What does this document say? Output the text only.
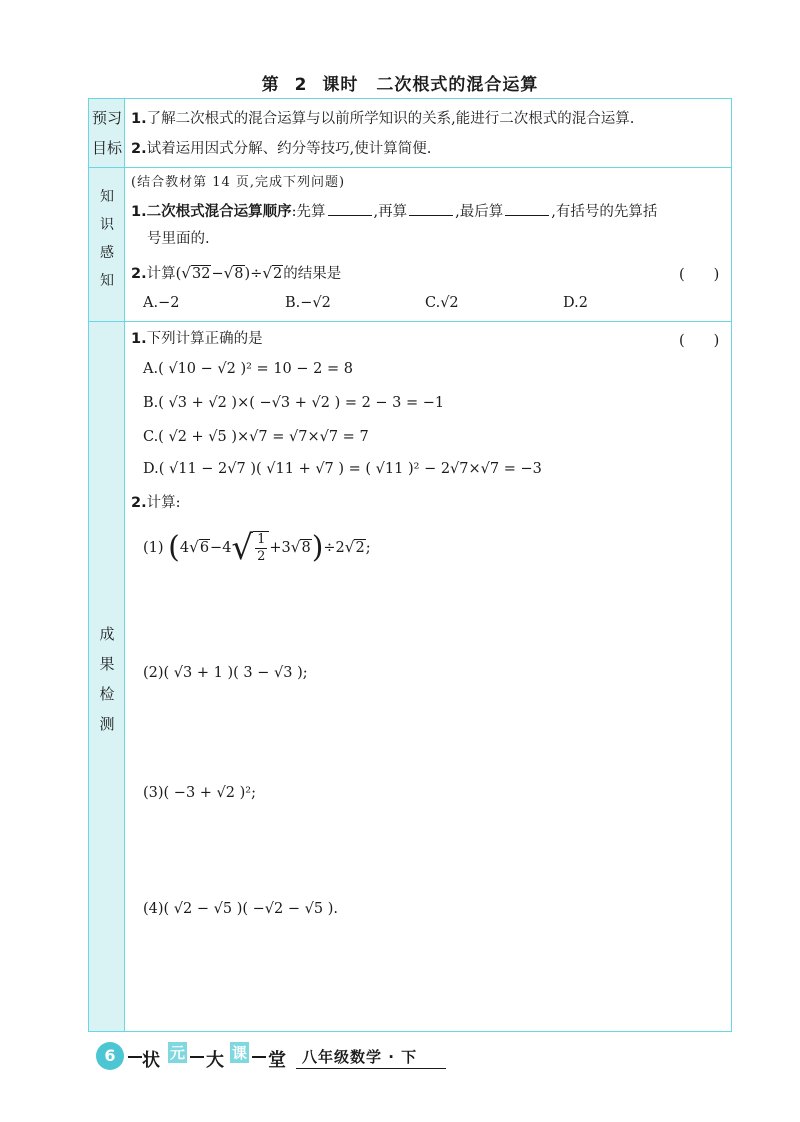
第 2 课时　二次根式的混合运算
预习
目标
1.了解二次根式的混合运算与以前所学知识的关系,能进行二次根式的混合运算.
2.试着运用因式分解、约分等技巧,使计算简便.
知
识
感
知
(结合教材第 14 页,完成下列问题)
1.二次根式混合运算顺序:先算	,再算	,最后算	,有括号的先算括
号里面的.
2.计算(√32−√8)÷√2的结果是	(　　)
A.−2	B.−√2	C.√2	D.2
成
果
检
测
1.下列计算正确的是	(　　)
A.( √10 − √2 )² = 10 − 2 = 8
B.( √3 + √2 )×( −√3 + √2 ) = 2 − 3 = −1
C.( √2 + √5 )×√7 = √7×√7 = 7
D.( √11 − 2√7 )( √11 + √7 ) = ( √11 )² − 2√7×√7 = −3
2.计算:
(1) $(4√6-4√ \frac{1}{2} +3√8)\div 2√2$;
(2)( √3 + 1 )( 3 − √3 );
(3)( −3 + √2 )²;
(4)( √2 − √5 )( −√2 − √5 ).
6	状 元 大 课 堂 八年级数学 · 下
